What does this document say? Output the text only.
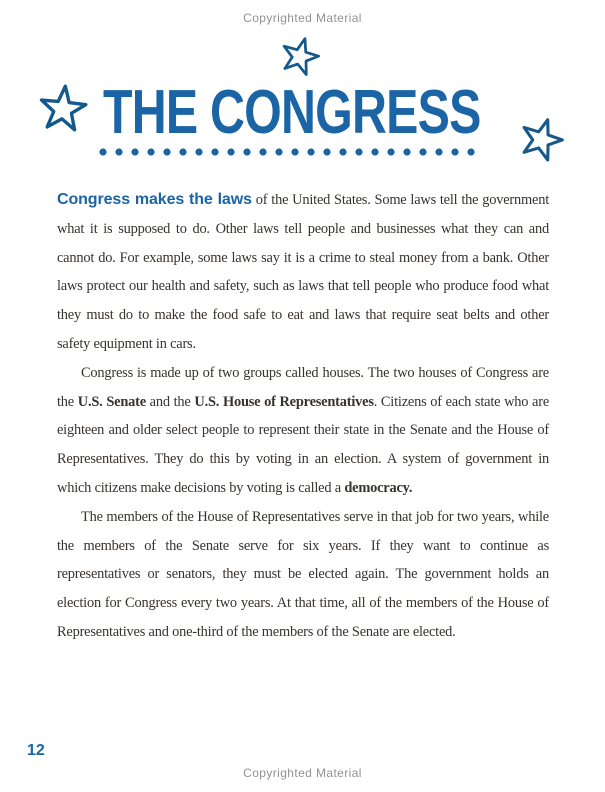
Copyrighted Material
THE CONGRESS

Congress makes the laws of the United States. Some laws tell the government what it is supposed to do. Other laws tell people and businesses what they can and cannot do. For example, some laws say it is a crime to steal money from a bank. Other laws protect our health and safety, such as laws that tell people who produce food what they must do to make the food safe to eat and laws that require seat belts and other safety equipment in cars.

Congress is made up of two groups called houses. The two houses of Congress are the U.S. Senate and the U.S. House of Representatives. Citizens of each state who are eighteen and older select people to represent their state in the Senate and the House of Representatives. They do this by voting in an election. A system of government in which citizens make decisions by voting is called a democracy.

The members of the House of Representatives serve in that job for two years, while the members of the Senate serve for six years. If they want to continue as representatives or senators, they must be elected again. The government holds an election for Congress every two years. At that time, all of the members of the House of Representatives and one-third of the members of the Senate are elected.

12
Copyrighted Material
